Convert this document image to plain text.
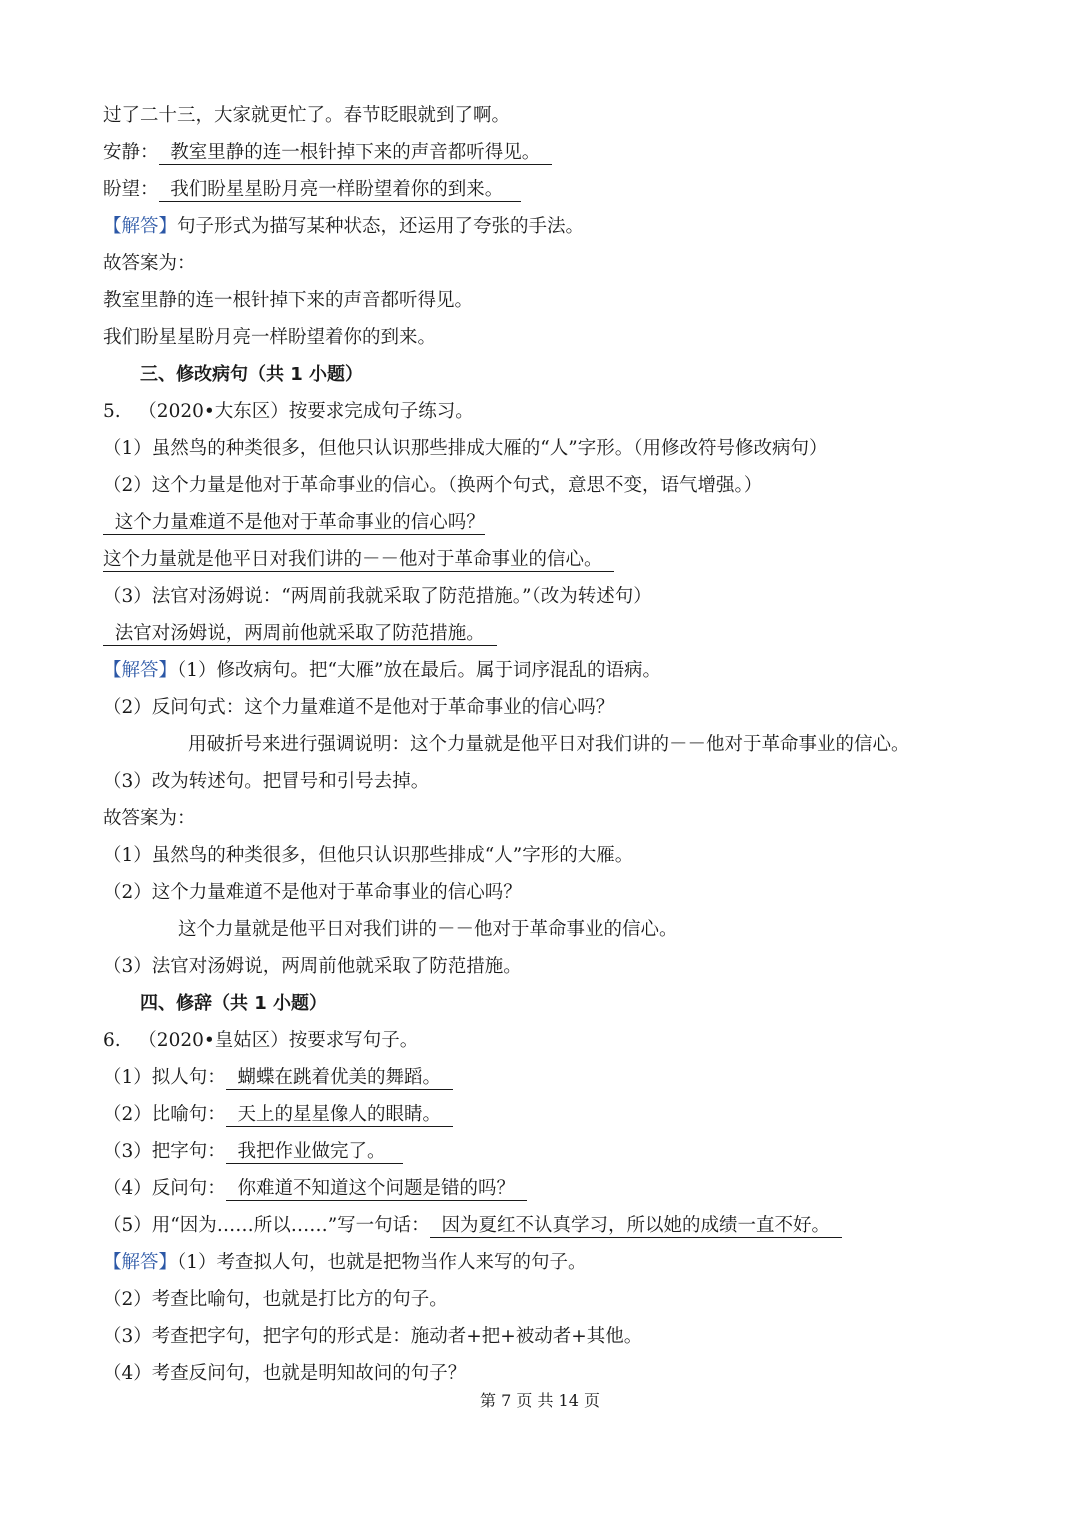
过了二十三，大家就更忙了。春节眨眼就到了啊。
安静：  教室里静的连一根针掉下来的声音都听得见。
盼望：  我们盼星星盼月亮一样盼望着你的到来。
【解答】句子形式为描写某种状态，还运用了夸张的手法。
故答案为：
教室里静的连一根针掉下来的声音都听得见。
我们盼星星盼月亮一样盼望着你的到来。
三、修改病句（共 1 小题）
5.   （2020•大东区）按要求完成句子练习。
（1）虽然鸟的种类很多，但他只认识那些排成大雁的“人”字形。（用修改符号修改病句）
（2）这个力量是他对于革命事业的信心。（换两个句式，意思不变，语气增强。）
这个力量难道不是他对于革命事业的信心吗？
这个力量就是他平日对我们讲的－－他对于革命事业的信心。
（3）法官对汤姆说：“两周前我就采取了防范措施。”（改为转述句）
法官对汤姆说，两周前他就采取了防范措施。
【解答】（1）修改病句。把“大雁”放在最后。属于词序混乱的语病。
（2）反问句式：这个力量难道不是他对于革命事业的信心吗？
用破折号来进行强调说明：这个力量就是他平日对我们讲的－－他对于革命事业的信心。
（3）改为转述句。把冒号和引号去掉。
故答案为：
（1）虽然鸟的种类很多，但他只认识那些排成“人”字形的大雁。
（2）这个力量难道不是他对于革命事业的信心吗？
这个力量就是他平日对我们讲的－－他对于革命事业的信心。
（3）法官对汤姆说，两周前他就采取了防范措施。
四、修辞（共 1 小题）
6.   （2020•皇姑区）按要求写句子。
（1）拟人句：  蝴蝶在跳着优美的舞蹈。
（2）比喻句：  天上的星星像人的眼睛。
（3）把字句：  我把作业做完了。
（4）反问句：  你难道不知道这个问题是错的吗？
（5）用“因为……所以……”写一句话：  因为夏红不认真学习，所以她的成绩一直不好。
【解答】（1）考查拟人句，也就是把物当作人来写的句子。
（2）考查比喻句，也就是打比方的句子。
（3）考查把字句，把字句的形式是：施动者+把+被动者+其他。
（4）考查反问句，也就是明知故问的句子？
第 7 页 共 14 页
